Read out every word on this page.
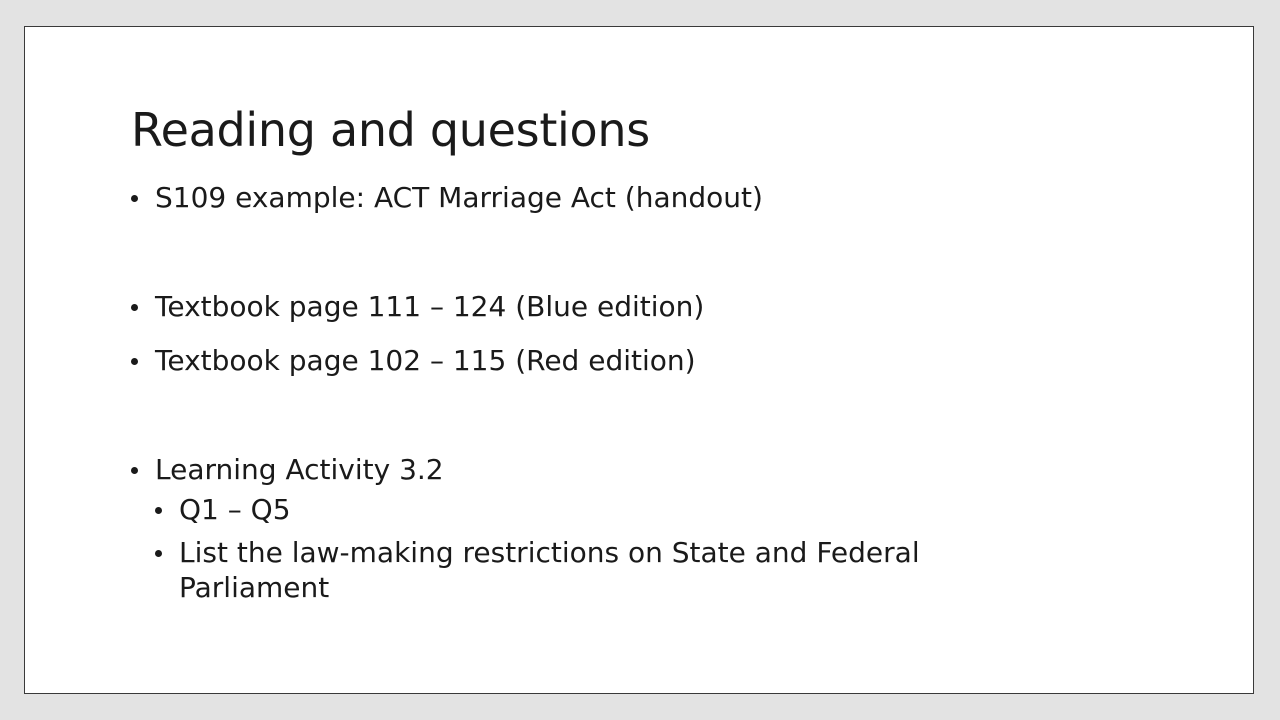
Reading and questions
S109 example: ACT Marriage Act (handout)
Textbook page 111 – 124 (Blue edition)
Textbook page 102 – 115 (Red edition)
Learning Activity 3.2
Q1 – Q5
List the law-making restrictions on State and Federal Parliament
